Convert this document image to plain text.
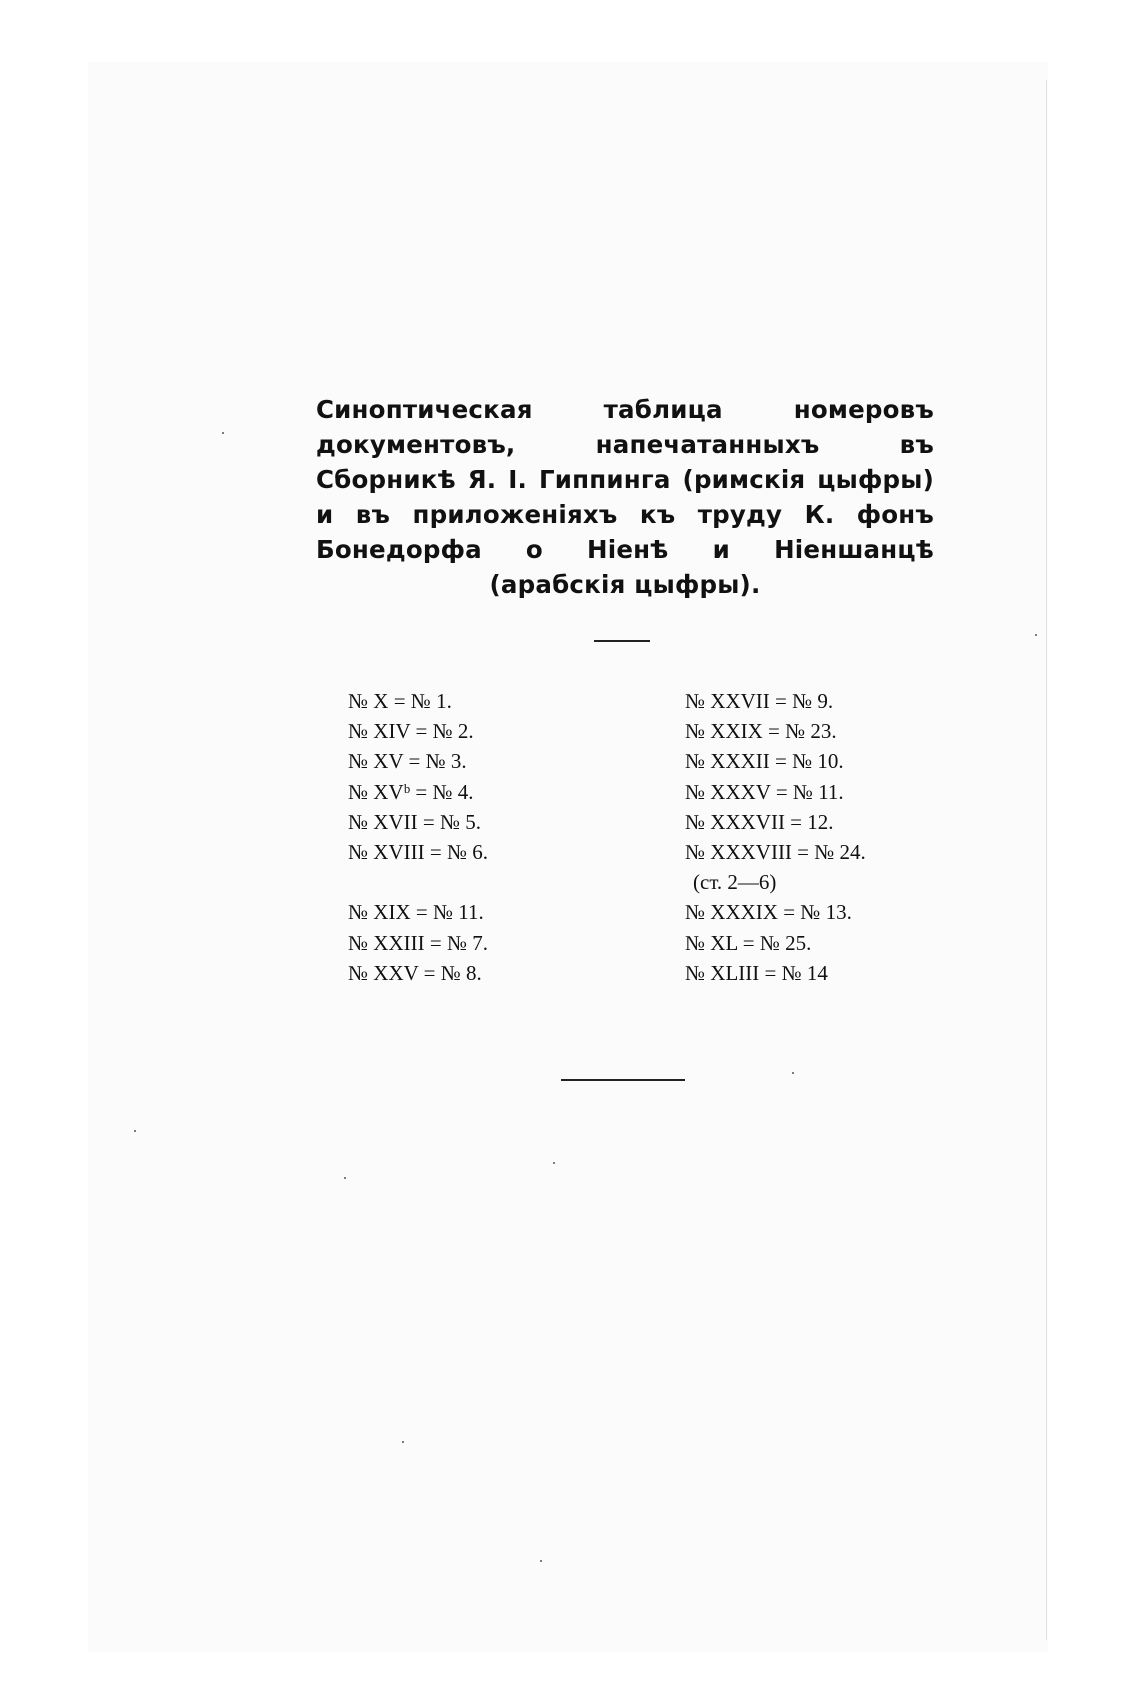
Синоптическая таблица номеровъ документовъ, напечатанныхъ въ Сборникѣ Я. I. Гиппинга (римскiя цыфры) и въ приложенiяхъ къ труду К. фонъ Бонедорфа о Ніенѣ и Ніеншанцѣ (арабскiя цыфры).

№ X = № 1.
№ XIV = № 2.
№ XV = № 3.
№ XVᵇ = № 4.
№ XVII = № 5.
№ XVIII = № 6.
№ XIX = № 11.
№ XXIII = № 7.
№ XXV = № 8.
№ XXVII = № 9.
№ XXIX = № 23.
№ XXXII = № 10.
№ XXXV = № 11.
№ XXXVII = 12.
№ XXXVIII = № 24.
(ст. 2—6)
№ XXXIX = № 13.
№ XL = № 25.
№ XLIII = № 14
